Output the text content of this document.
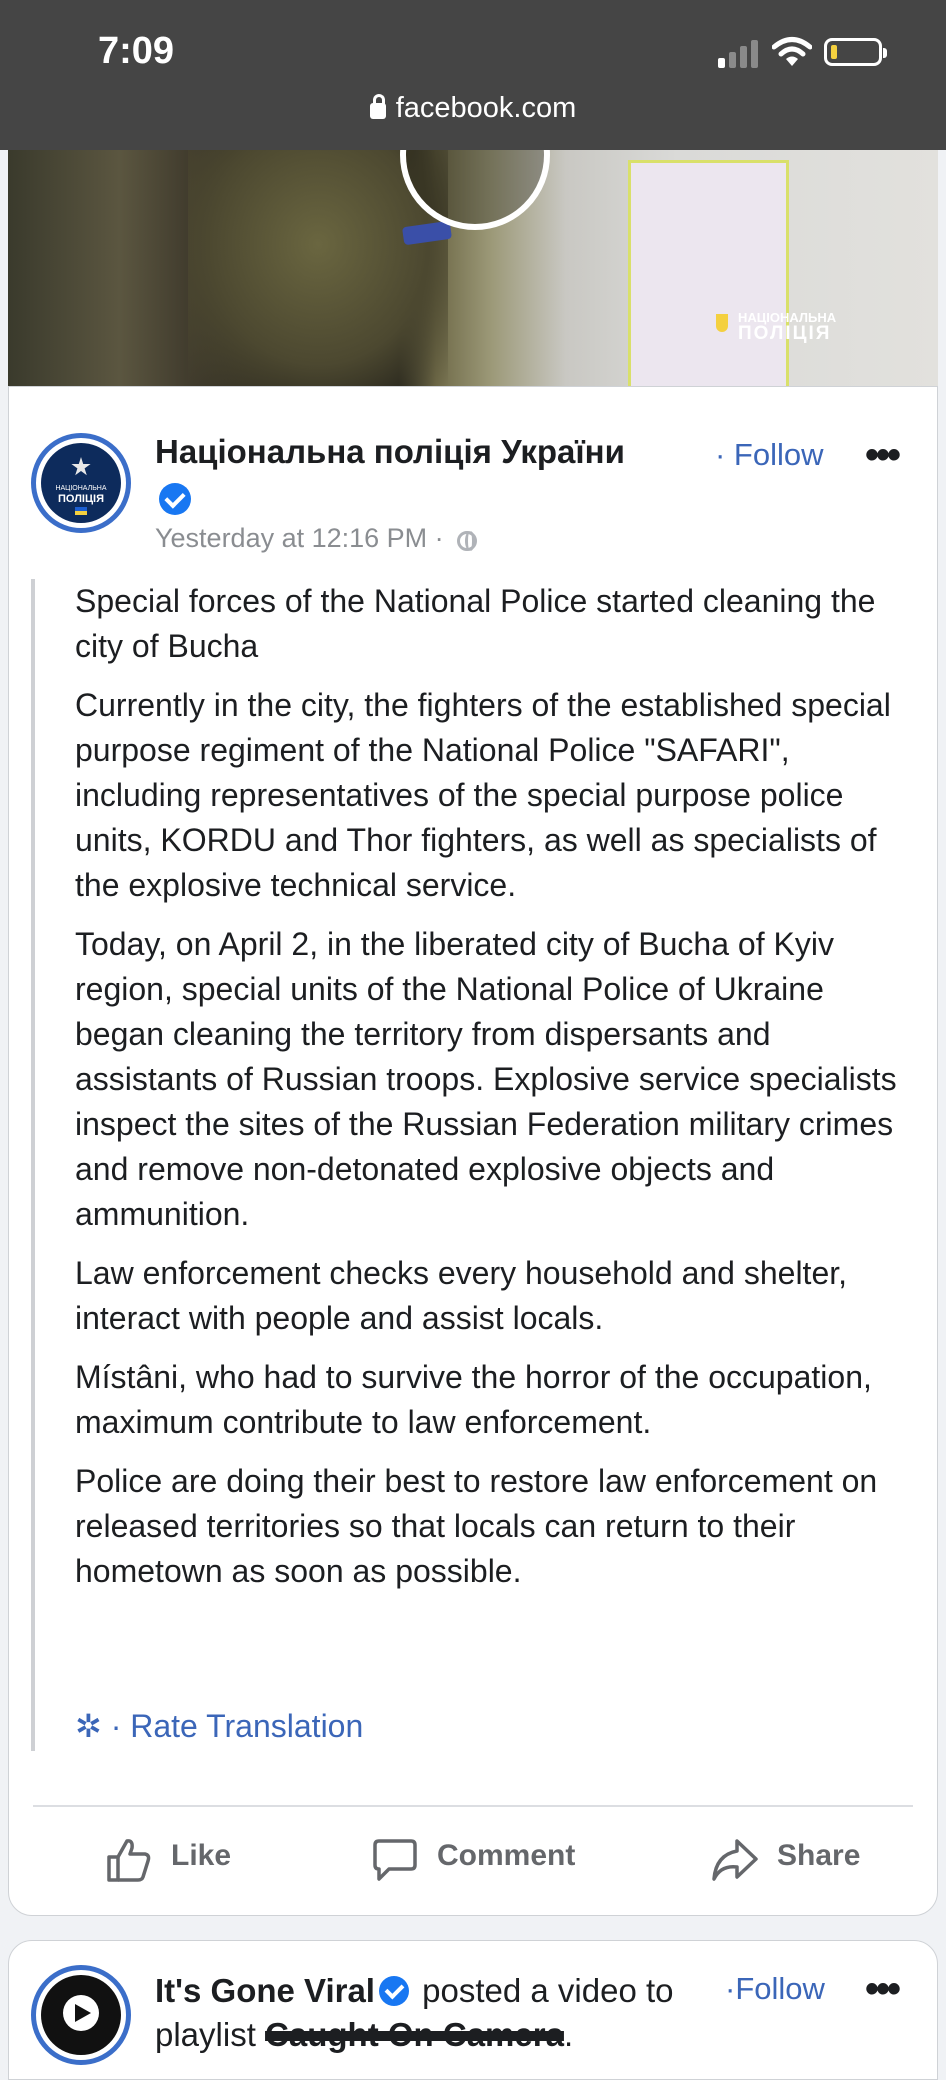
7:09
facebook.com
НАЦІОНАЛЬНА
ПОЛІЦІЯ
НАЦІОНАЛЬНА
ПОЛІЦІЯ
Національна поліція України	· Follow •••
Yesterday at 12:16 PM ·

Special forces of the National Police started cleaning the city of Bucha

Currently in the city, the fighters of the established special purpose regiment of the National Police "SAFARI", including representatives of the special purpose police units, KORDU and Thor fighters, as well as specialists of the explosive technical service.

Today, on April 2, in the liberated city of Bucha of Kyiv region, special units of the National Police of Ukraine began cleaning the territory from dispersants and assistants of Russian troops. Explosive service specialists inspect the sites of the Russian Federation military crimes and remove non-detonated explosive objects and ammunition.

Law enforcement checks every household and shelter, interact with people and assist locals.

Místâni, who had to survive the horror of the occupation, maximum contribute to law enforcement.

Police are doing their best to restore law enforcement on released territories so that locals can return to their hometown as soon as possible.

✲ · Rate Translation
Like	Comment	Share
It's Gone Viral posted a video to playlist Caught On Camera.
·Follow •••
